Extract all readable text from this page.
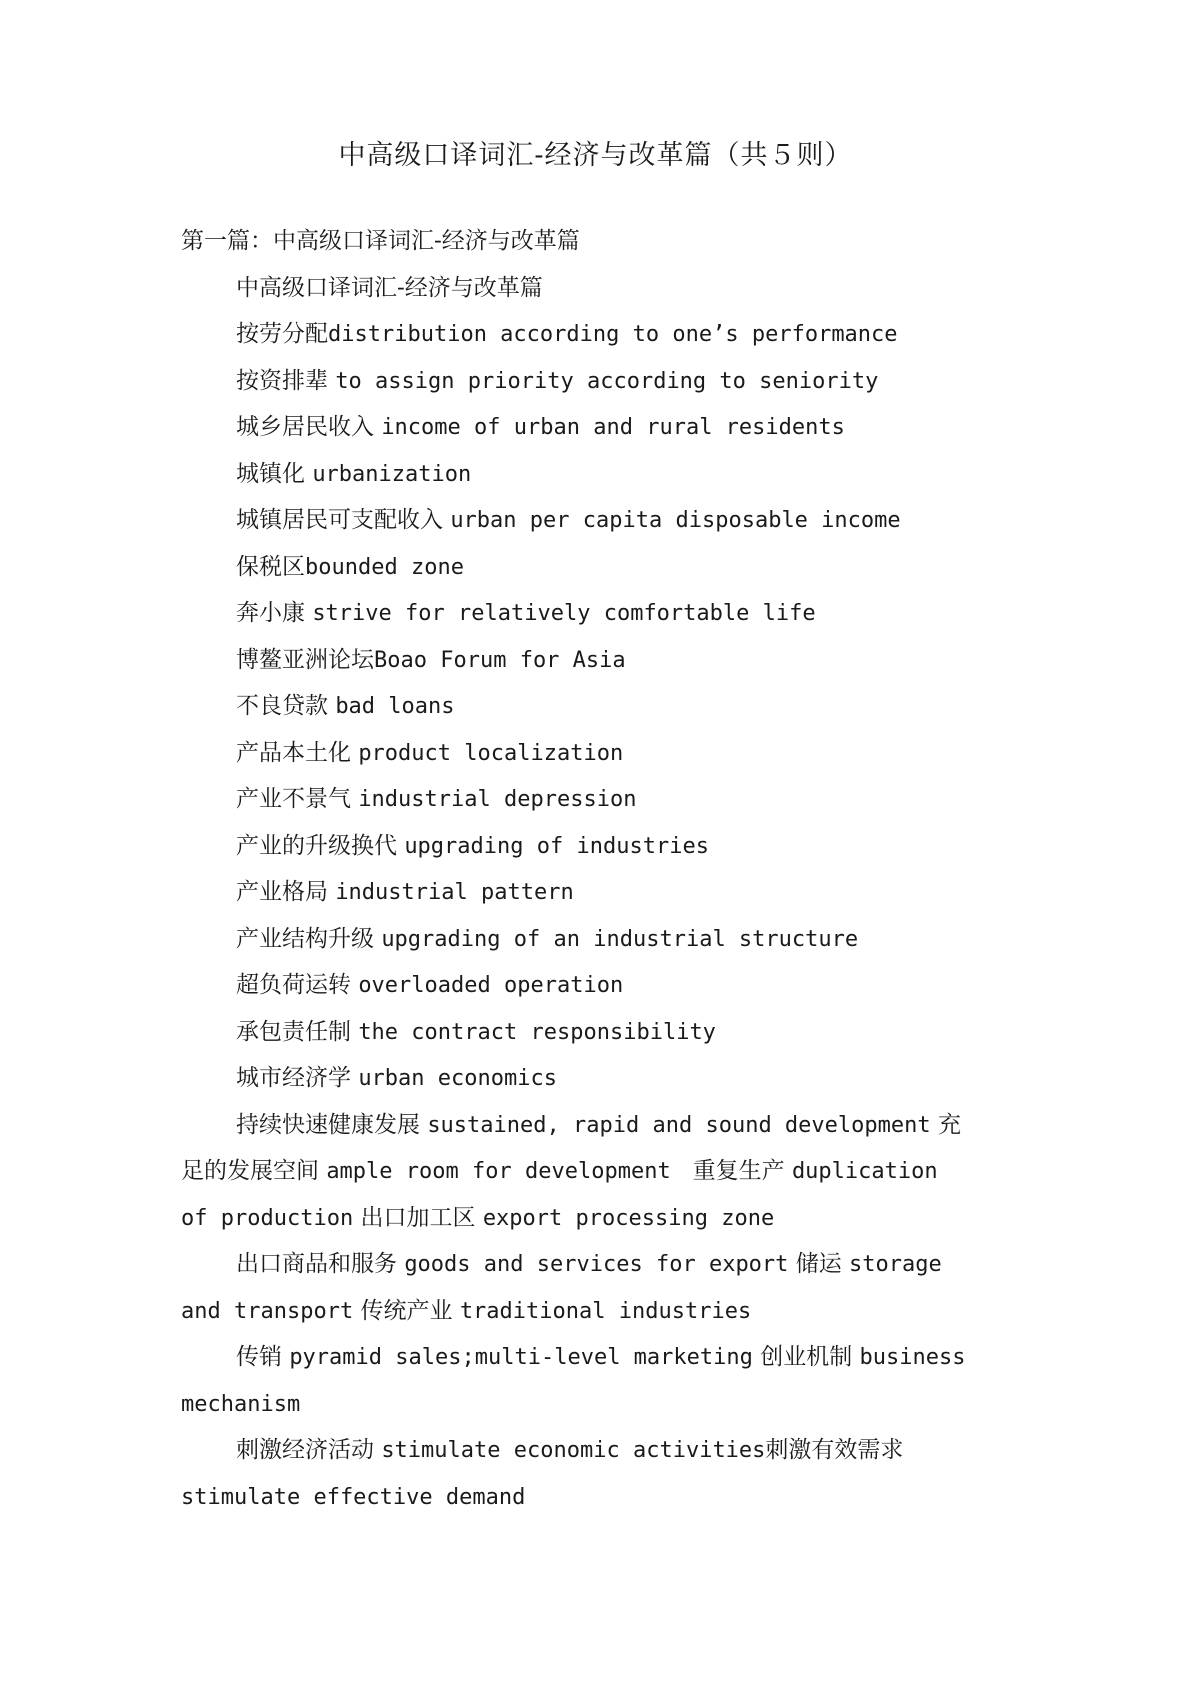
中高级口译词汇-经济与改革篇（共５则）
第一篇：中高级口译词汇-经济与改革篇
中高级口译词汇-经济与改革篇
按劳分配distribution according to one’s performance
按资排辈 to assign priority according to seniority
城乡居民收入 income of urban and rural residents
城镇化 urbanization
城镇居民可支配收入 urban per capita disposable income
保税区bounded zone
奔小康 strive for relatively comfortable life
博鳌亚洲论坛Boao Forum for Asia
不良贷款 bad loans
产品本土化 product localization
产业不景气 industrial depression
产业的升级换代 upgrading of industries
产业格局 industrial pattern
产业结构升级 upgrading of an industrial structure
超负荷运转 overloaded operation
承包责任制 the contract responsibility
城市经济学 urban economics
持续快速健康发展 sustained, rapid and sound development 充
足的发展空间 ample room for development 重复生产 duplication
of production 出口加工区 export processing zone
出口商品和服务 goods and services for export 储运 storage
and transport 传统产业 traditional industries
传销 pyramid sales;multi-level marketing 创业机制 business
mechanism
刺激经济活动 stimulate economic activities刺激有效需求
stimulate effective demand
